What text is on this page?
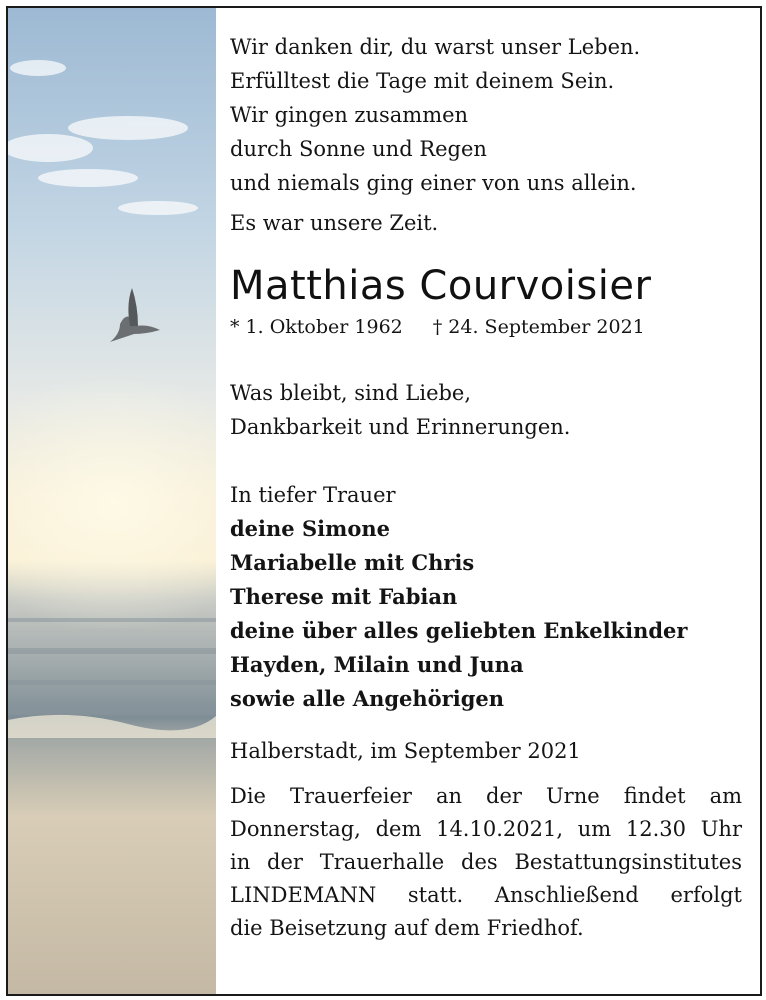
Wir danken dir, du warst unser Leben.
Erfülltest die Tage mit deinem Sein.
Wir gingen zusammen
durch Sonne und Regen
und niemals ging einer von uns allein.
Es war unsere Zeit.
Matthias Courvoisier
* 1. Oktober 1962 † 24. September 2021
Was bleibt, sind Liebe,
Dankbarkeit und Erinnerungen.
In tiefer Trauer
deine Simone
Mariabelle mit Chris
Therese mit Fabian
deine über alles geliebten Enkelkinder
Hayden, Milain und Juna
sowie alle Angehörigen
Halberstadt, im September 2021
Die Trauerfeier an der Urne findet am
Donnerstag, dem 14.10.2021, um 12.30 Uhr
in der Trauerhalle des Bestattungsinstitutes
LINDEMANN statt. Anschließend erfolgt
die Beisetzung auf dem Friedhof.
